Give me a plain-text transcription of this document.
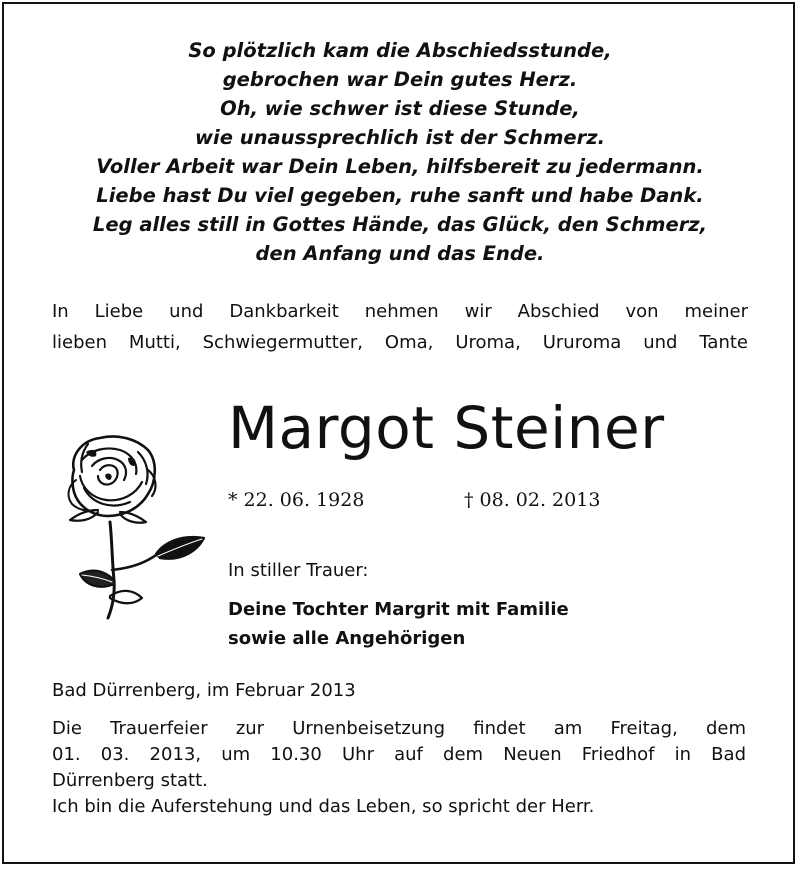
So plötzlich kam die Abschiedsstunde,
gebrochen war Dein gutes Herz.
Oh, wie schwer ist diese Stunde,
wie unaussprechlich ist der Schmerz.
Voller Arbeit war Dein Leben, hilfsbereit zu jedermann.
Liebe hast Du viel gegeben, ruhe sanft und habe Dank.
Leg alles still in Gottes Hände, das Glück, den Schmerz,
den Anfang und das Ende.
In Liebe und Dankbarkeit nehmen wir Abschied von meiner
lieben Mutti, Schwiegermutter, Oma, Uroma, Ururoma und Tante
Margot Steiner
* 22. 06. 1928	† 08. 02. 2013
In stiller Trauer:
Deine Tochter Margrit mit Familie
sowie alle Angehörigen
Bad Dürrenberg, im Februar 2013
Die Trauerfeier zur Urnenbeisetzung findet am Freitag, dem
01. 03. 2013, um 10.30 Uhr auf dem Neuen Friedhof in Bad
Dürrenberg statt.
Ich bin die Auferstehung und das Leben, so spricht der Herr.
